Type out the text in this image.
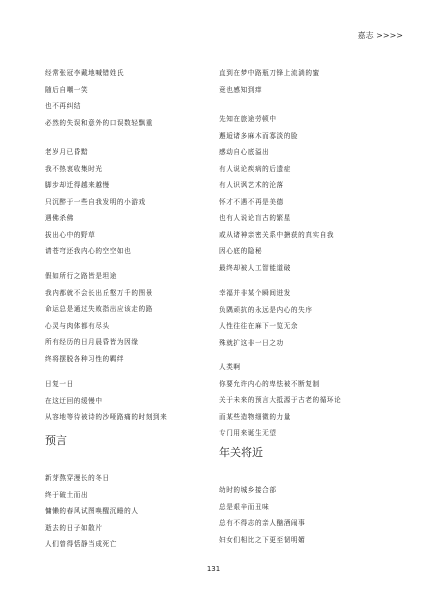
嘉志 >>>>
经常张冠李戴地喊错姓氏
随后自嘲一笑
也不再纠结
必然的失误和意外的口误数轻飘重
老岁月已昏黯
我不热衷收集时光
脚步却迁得越来越慢
只沉醉于一些自我发明的小游戏
遇佛杀佛
拔出心中的野草
请苍穹还我内心的空空如也
假如所行之路皆是坦途
我内都就不会长出丘壑万千的图景
命运总是通过失败指出应该走的路
心灵与肉体都有尽头
所有经历的日月晨昏皆为因缘
终将摆脱各种习性的羁绊
日复一日
在这迂回的缓慢中
从容地等待被诗的沙哑路痛的时刻到来
预言
新芽熬穿漫长的冬日
终于破土而出
慵懒的春风试图唤醒沉睡的人
逝去的日子如散片
人们曾得恬静当成死亡
直到在梦中路瓶刀锋上流淌的蜜
竟也感知到痒
先知在旅途劳顿中
邂逅诸多麻木而寡淡的脸
感动自心底溢出
有人说论疾病的后遗症
有人识讽艺术的沦落
怀才不遇不再是美德
也有人说论盲古的繁星
或从诸神亲密关系中搪获的真实自我
因心底的隐秘
最终却被人工智能道破
幸福并非某个瞬间迸发
负隅顽抗的永远是内心的失序
人性往往在麻下一览无余
殊就扩这非一日之功
人类啊
你要允许内心的卑怯被不断复制
关于未来的预言大抵源于古老的循环论
而某些造物细微的力量
专门用来诞生无望
年关将近
幼时的城乡接合部
总是艰辛而丑味
总有不得志的亲人酗酒闹事
妇女们相比之下更至韧明媚
131
